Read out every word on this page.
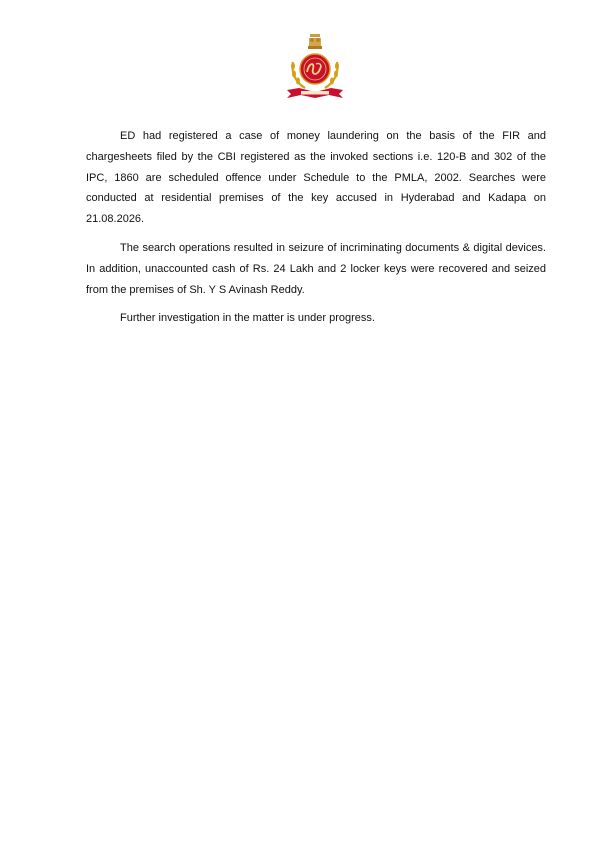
ED had registered a case of money laundering on the basis of the FIR and chargesheets filed by the CBI registered as the invoked sections i.e. 120-B and 302 of the IPC, 1860 are scheduled offence under Schedule to the PMLA, 2002. Searches were conducted at residential premises of the key accused in Hyderabad and Kadapa on 21.08.2026.

The search operations resulted in seizure of incriminating documents & digital devices. In addition, unaccounted cash of Rs. 24 Lakh and 2 locker keys were recovered and seized from the premises of Sh. Y S Avinash Reddy.

Further investigation in the matter is under progress.
